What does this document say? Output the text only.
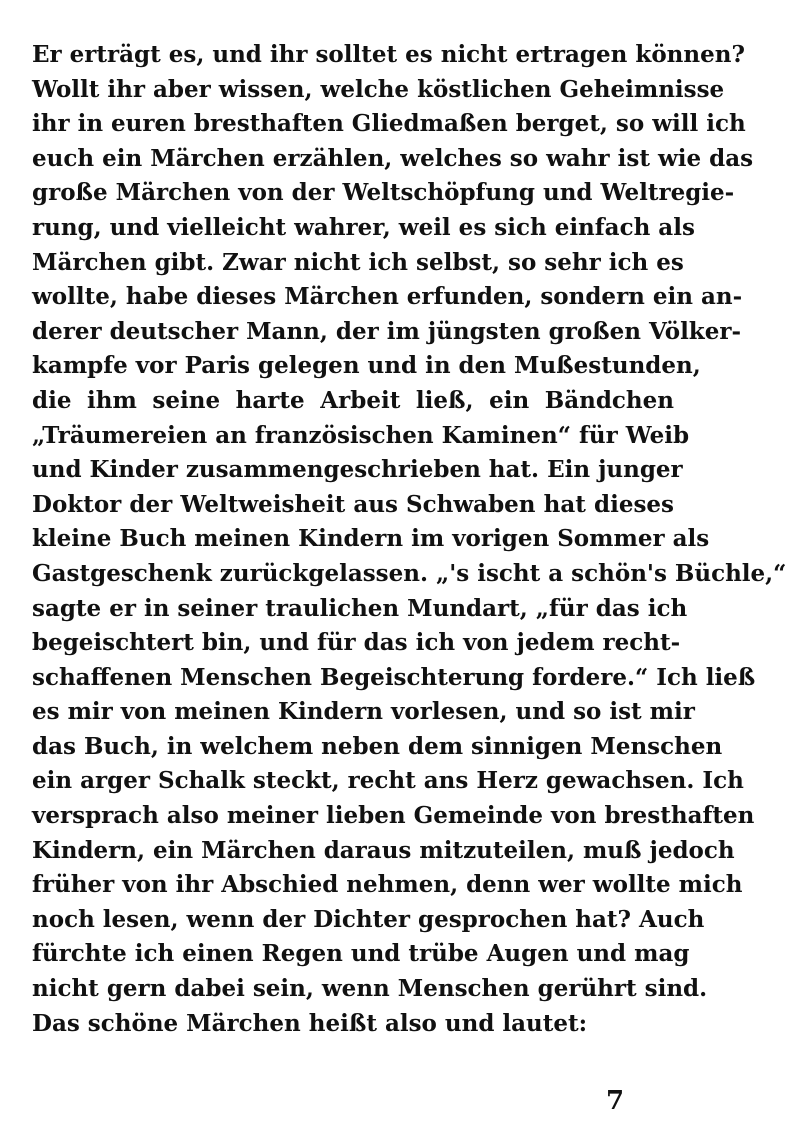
Er erträgt es, und ihr solltet es nicht ertragen können?
Wollt ihr aber wissen, welche köstlichen Geheimnisse
ihr in euren bresthaften Gliedmaßen berget, so will ich
euch ein Märchen erzählen, welches so wahr ist wie das
große Märchen von der Weltschöpfung und Weltregie-
rung, und vielleicht wahrer, weil es sich einfach als
Märchen gibt. Zwar nicht ich selbst, so sehr ich es
wollte, habe dieses Märchen erfunden, sondern ein an-
derer deutscher Mann, der im jüngsten großen Völker-
kampfe vor Paris gelegen und in den Mußestunden,
die ihm seine harte Arbeit ließ, ein Bändchen
„Träumereien an französischen Kaminen“ für Weib
und Kinder zusammengeschrieben hat. Ein junger
Doktor der Weltweisheit aus Schwaben hat dieses
kleine Buch meinen Kindern im vorigen Sommer als
Gastgeschenk zurückgelassen. „'s ischt a schön's Büchle,“
sagte er in seiner traulichen Mundart, „für das ich
begeischtert bin, und für das ich von jedem recht-
schaffenen Menschen Begeischterung fordere.“ Ich ließ
es mir von meinen Kindern vorlesen, und so ist mir
das Buch, in welchem neben dem sinnigen Menschen
ein arger Schalk steckt, recht ans Herz gewachsen. Ich
versprach also meiner lieben Gemeinde von bresthaften
Kindern, ein Märchen daraus mitzuteilen, muß jedoch
früher von ihr Abschied nehmen, denn wer wollte mich
noch lesen, wenn der Dichter gesprochen hat? Auch
fürchte ich einen Regen und trübe Augen und mag
nicht gern dabei sein, wenn Menschen gerührt sind.
Das schöne Märchen heißt also und lautet:
7
